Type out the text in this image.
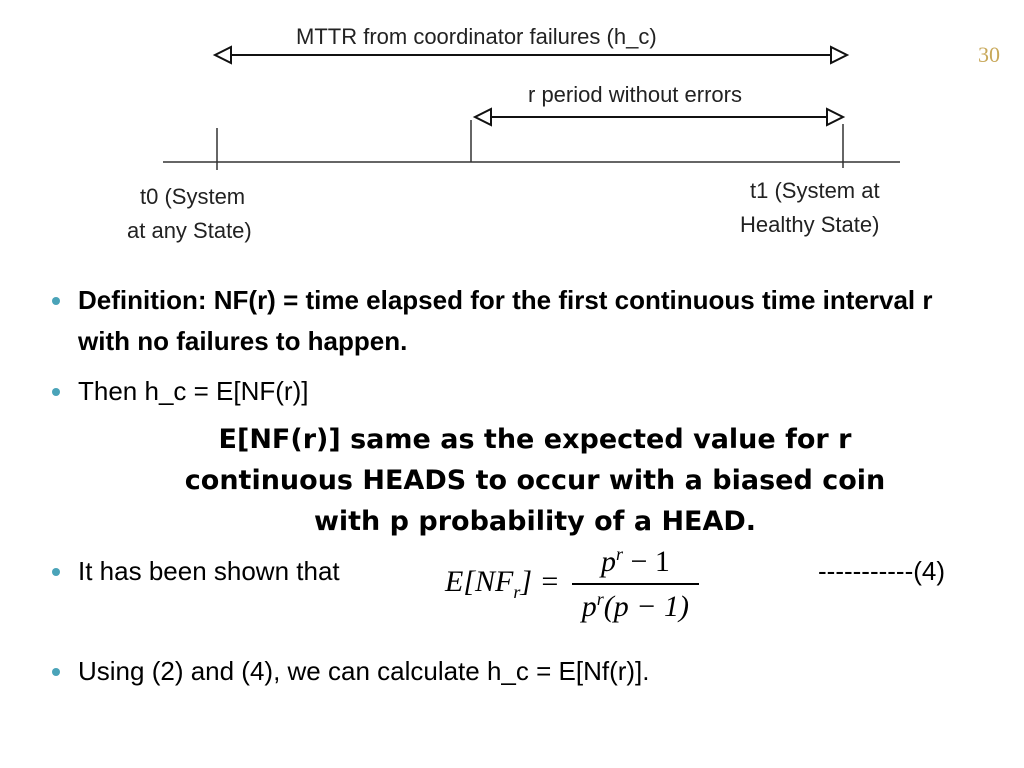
30
MTTR from coordinator failures (h_c)
r period without errors
t0 (System
at any State)
t1 (System at
Healthy State)
Definition: NF(r) = time elapsed for the first continuous time interval r with no failures to happen.
Then h_c = E[NF(r)]
E[NF(r)] same as the expected value for r
continuous HEADS to occur with a biased coin
with p probability of a HEAD.
It has been shown that	$E[NF_r] = \frac{p^r - 1}{p^r(p - 1)}$	-----------(4)
Using (2) and (4), we can calculate h_c = E[Nf(r)].
